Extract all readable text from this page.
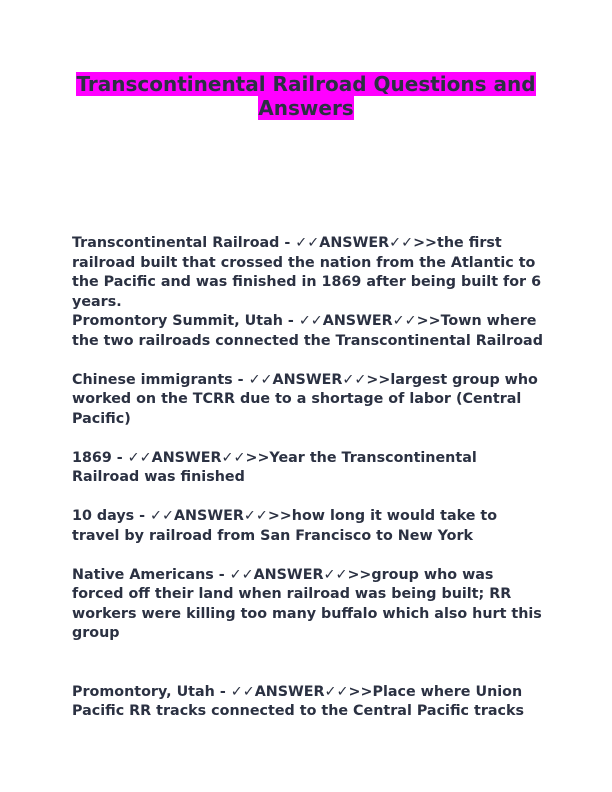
Transcontinental Railroad Questions and Answers

Transcontinental Railroad - ✓✓ANSWER✓✓>>the first railroad built that crossed the nation from the Atlantic to the Pacific and was finished in 1869 after being built for 6 years.

Promontory Summit, Utah - ✓✓ANSWER✓✓>>Town where the two railroads connected the Transcontinental Railroad

Chinese immigrants - ✓✓ANSWER✓✓>>largest group who worked on the TCRR due to a shortage of labor (Central Pacific)

1869 - ✓✓ANSWER✓✓>>Year the Transcontinental Railroad was finished

10 days - ✓✓ANSWER✓✓>>how long it would take to travel by railroad from San Francisco to New York

Native Americans - ✓✓ANSWER✓✓>>group who was forced off their land when railroad was being built; RR workers were killing too many buffalo which also hurt this group

Promontory, Utah - ✓✓ANSWER✓✓>>Place where Union Pacific RR tracks connected to the Central Pacific tracks
